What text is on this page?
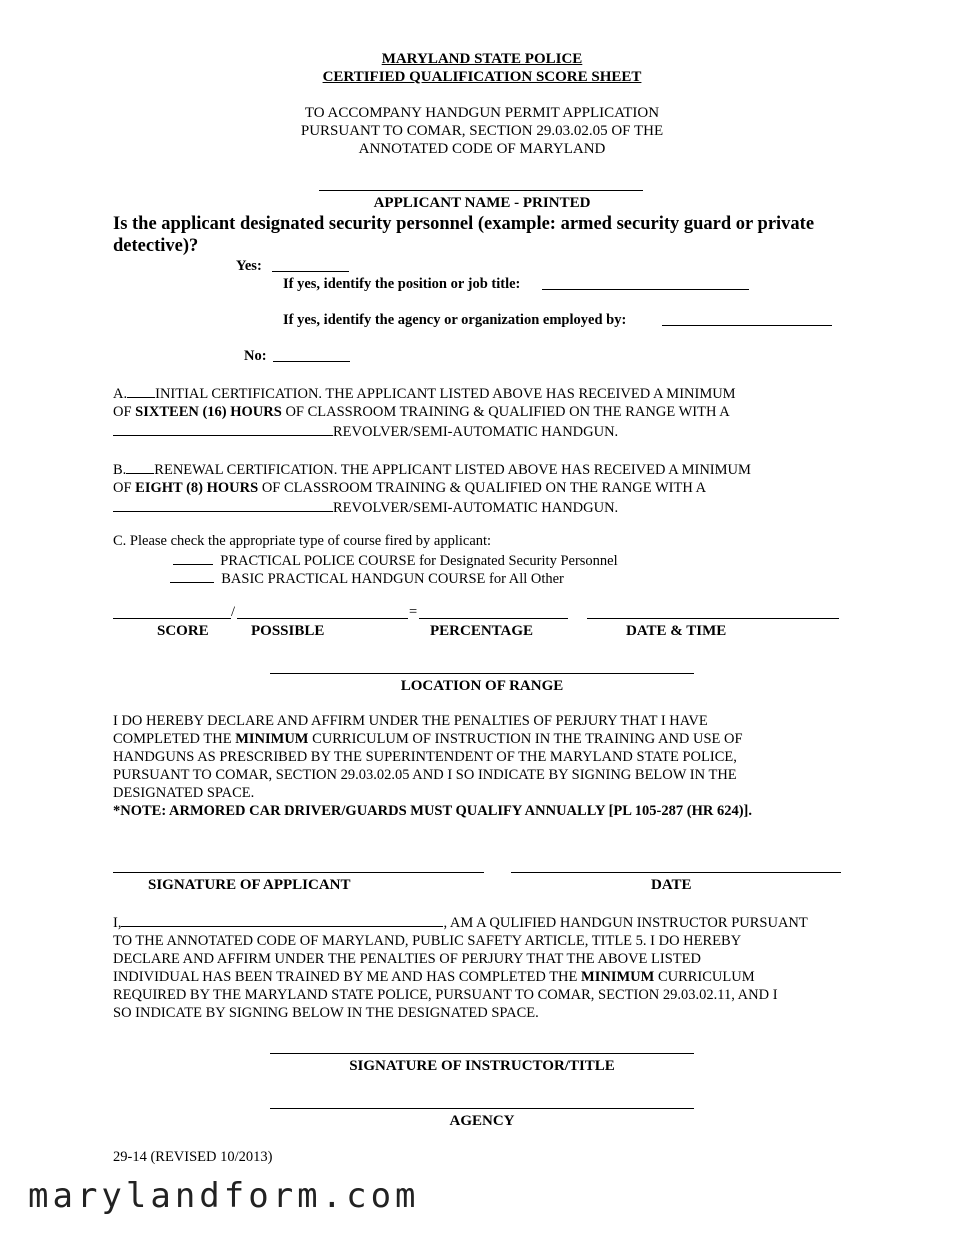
MARYLAND STATE POLICE
CERTIFIED QUALIFICATION SCORE SHEET
TO ACCOMPANY HANDGUN PERMIT APPLICATION
PURSUANT TO COMAR, SECTION 29.03.02.05 OF THE
ANNOTATED CODE OF MARYLAND
APPLICANT NAME - PRINTED
Is the applicant designated security personnel (example: armed security guard or private
detective)?
Yes:
If yes, identify the position or job title:
If yes, identify the agency or organization employed by:
No:
A. INITIAL CERTIFICATION. THE APPLICANT LISTED ABOVE HAS RECEIVED A MINIMUM
OF SIXTEEN (16) HOURS OF CLASSROOM TRAINING & QUALIFIED ON THE RANGE WITH A
REVOLVER/SEMI-AUTOMATIC HANDGUN.
B. RENEWAL CERTIFICATION. THE APPLICANT LISTED ABOVE HAS RECEIVED A MINIMUM
OF EIGHT (8) HOURS OF CLASSROOM TRAINING & QUALIFIED ON THE RANGE WITH A
REVOLVER/SEMI-AUTOMATIC HANDGUN.
C. Please check the appropriate type of course fired by applicant:
PRACTICAL POLICE COURSE for Designated Security Personnel
BASIC PRACTICAL HANDGUN COURSE for All Other
/	=
SCORE	POSSIBLE	PERCENTAGE	DATE & TIME
LOCATION OF RANGE
I DO HEREBY DECLARE AND AFFIRM UNDER THE PENALTIES OF PERJURY THAT I HAVE
COMPLETED THE MINIMUM CURRICULUM OF INSTRUCTION IN THE TRAINING AND USE OF
HANDGUNS AS PRESCRIBED BY THE SUPERINTENDENT OF THE MARYLAND STATE POLICE,
PURSUANT TO COMAR, SECTION 29.03.02.05 AND I SO INDICATE BY SIGNING BELOW IN THE
DESIGNATED SPACE.
*NOTE: ARMORED CAR DRIVER/GUARDS MUST QUALIFY ANNUALLY [PL 105-287 (HR 624)].
SIGNATURE OF APPLICANT	DATE
I,	, AM A QULIFIED HANDGUN INSTRUCTOR PURSUANT
TO THE ANNOTATED CODE OF MARYLAND, PUBLIC SAFETY ARTICLE, TITLE 5. I DO HEREBY
DECLARE AND AFFIRM UNDER THE PENALTIES OF PERJURY THAT THE ABOVE LISTED
INDIVIDUAL HAS BEEN TRAINED BY ME AND HAS COMPLETED THE MINIMUM CURRICULUM
REQUIRED BY THE MARYLAND STATE POLICE, PURSUANT TO COMAR, SECTION 29.03.02.11, AND I
SO INDICATE BY SIGNING BELOW IN THE DESIGNATED SPACE.
SIGNATURE OF INSTRUCTOR/TITLE
AGENCY
29-14 (REVISED 10/2013)
marylandform.com
